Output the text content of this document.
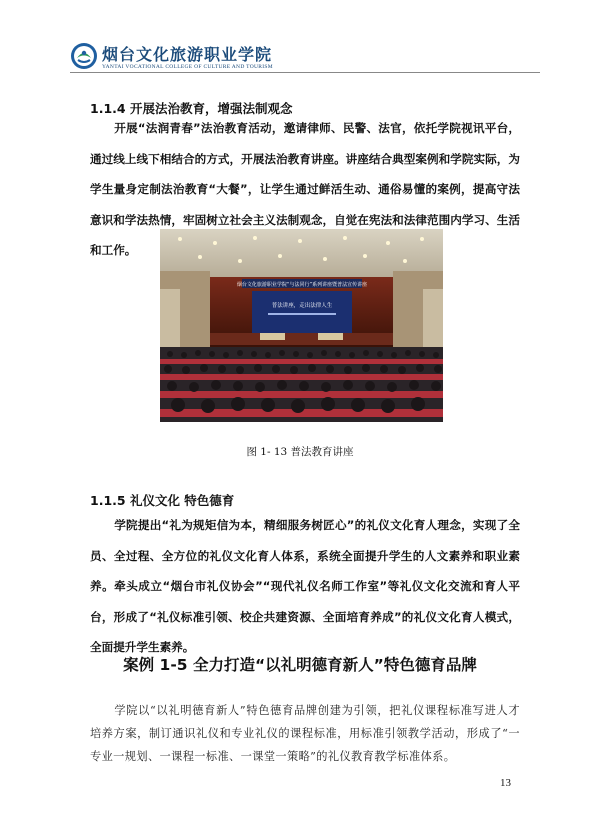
烟台文化旅游职业学院
YANTAI VOCATIONAL COLLEGE OF CULTURE AND TOURISM
1.1.4 开展法治教育，增强法制观念
开展“法润青春”法治教育活动，邀请律师、民警、法官，依托学院视讯平台，通过线上线下相结合的方式，开展法治教育讲座。讲座结合典型案例和学院实际，为学生量身定制法治教育“大餐”，让学生通过鲜活生动、通俗易懂的案例，提高守法意识和学法热情，牢固树立社会主义法制观念，自觉在宪法和法律范围内学习、生活和工作。
烟台文化旅游职业学院“与法同行”系列讲座暨普法宣传讲座
普法讲座，走出法律人生
图 1- 13 普法教育讲座
1.1.5 礼仪文化 特色德育
学院提出“礼为规矩信为本，精细服务树匠心”的礼仪文化育人理念，实现了全员、全过程、全方位的礼仪文化育人体系，系统全面提升学生的人文素养和职业素养。牵头成立“烟台市礼仪协会”“现代礼仪名师工作室”等礼仪文化交流和育人平台，形成了“礼仪标准引领、校企共建资源、全面培育养成”的礼仪文化育人模式，全面提升学生素养。
案例 1-5 全力打造“以礼明德育新人”特色德育品牌
学院以“以礼明德育新人”特色德育品牌创建为引领，把礼仪课程标准写进人才培养方案，制订通识礼仪和专业礼仪的课程标准，用标准引领教学活动，形成了“一专业一规划、一课程一标准、一课堂一策略”的礼仪教育教学标准体系。
13
